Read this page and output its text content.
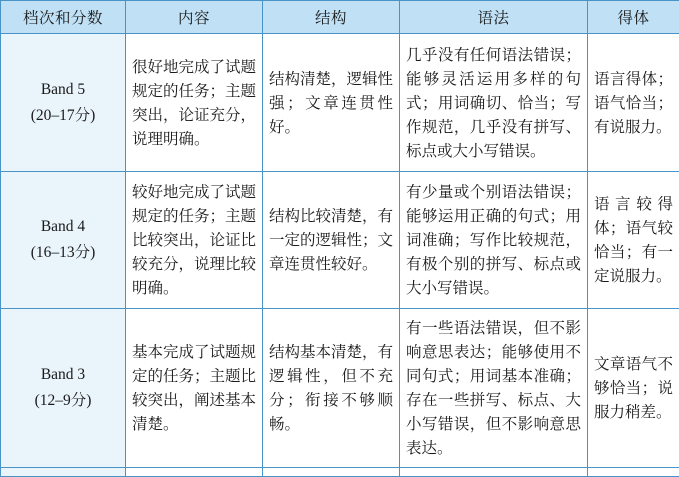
档次和分数	内容	结构	语法	得体

Band 5
(20–17分)	很好地完成了试题规定的任务；主题突出，论证充分，说理明确。	结构清楚，逻辑性强；文章连贯性好。	几乎没有任何语法错误；能够灵活运用多样的句式；用词确切、恰当；写作规范，几乎没有拼写、标点或大小写错误。	语言得体；语气恰当；有说服力。

Band 4
(16–13分)	较好地完成了试题规定的任务；主题比较突出，论证比较充分，说理比较明确。	结构比较清楚，有一定的逻辑性；文章连贯性较好。	有少量或个别语法错误；能够运用正确的句式；用词准确；写作比较规范，有极个别的拼写、标点或大小写错误。	语言较得体；语气较恰当；有一定说服力。

Band 3
(12–9分)	基本完成了试题规定的任务；主题比较突出，阐述基本清楚。	结构基本清楚，有逻辑性，但不充分；衔接不够顺畅。	有一些语法错误，但不影响意思表达；能够使用不同句式；用词基本准确；存在一些拼写、标点、大小写错误，但不影响意思表达。	文章语气不够恰当；说服力稍差。
